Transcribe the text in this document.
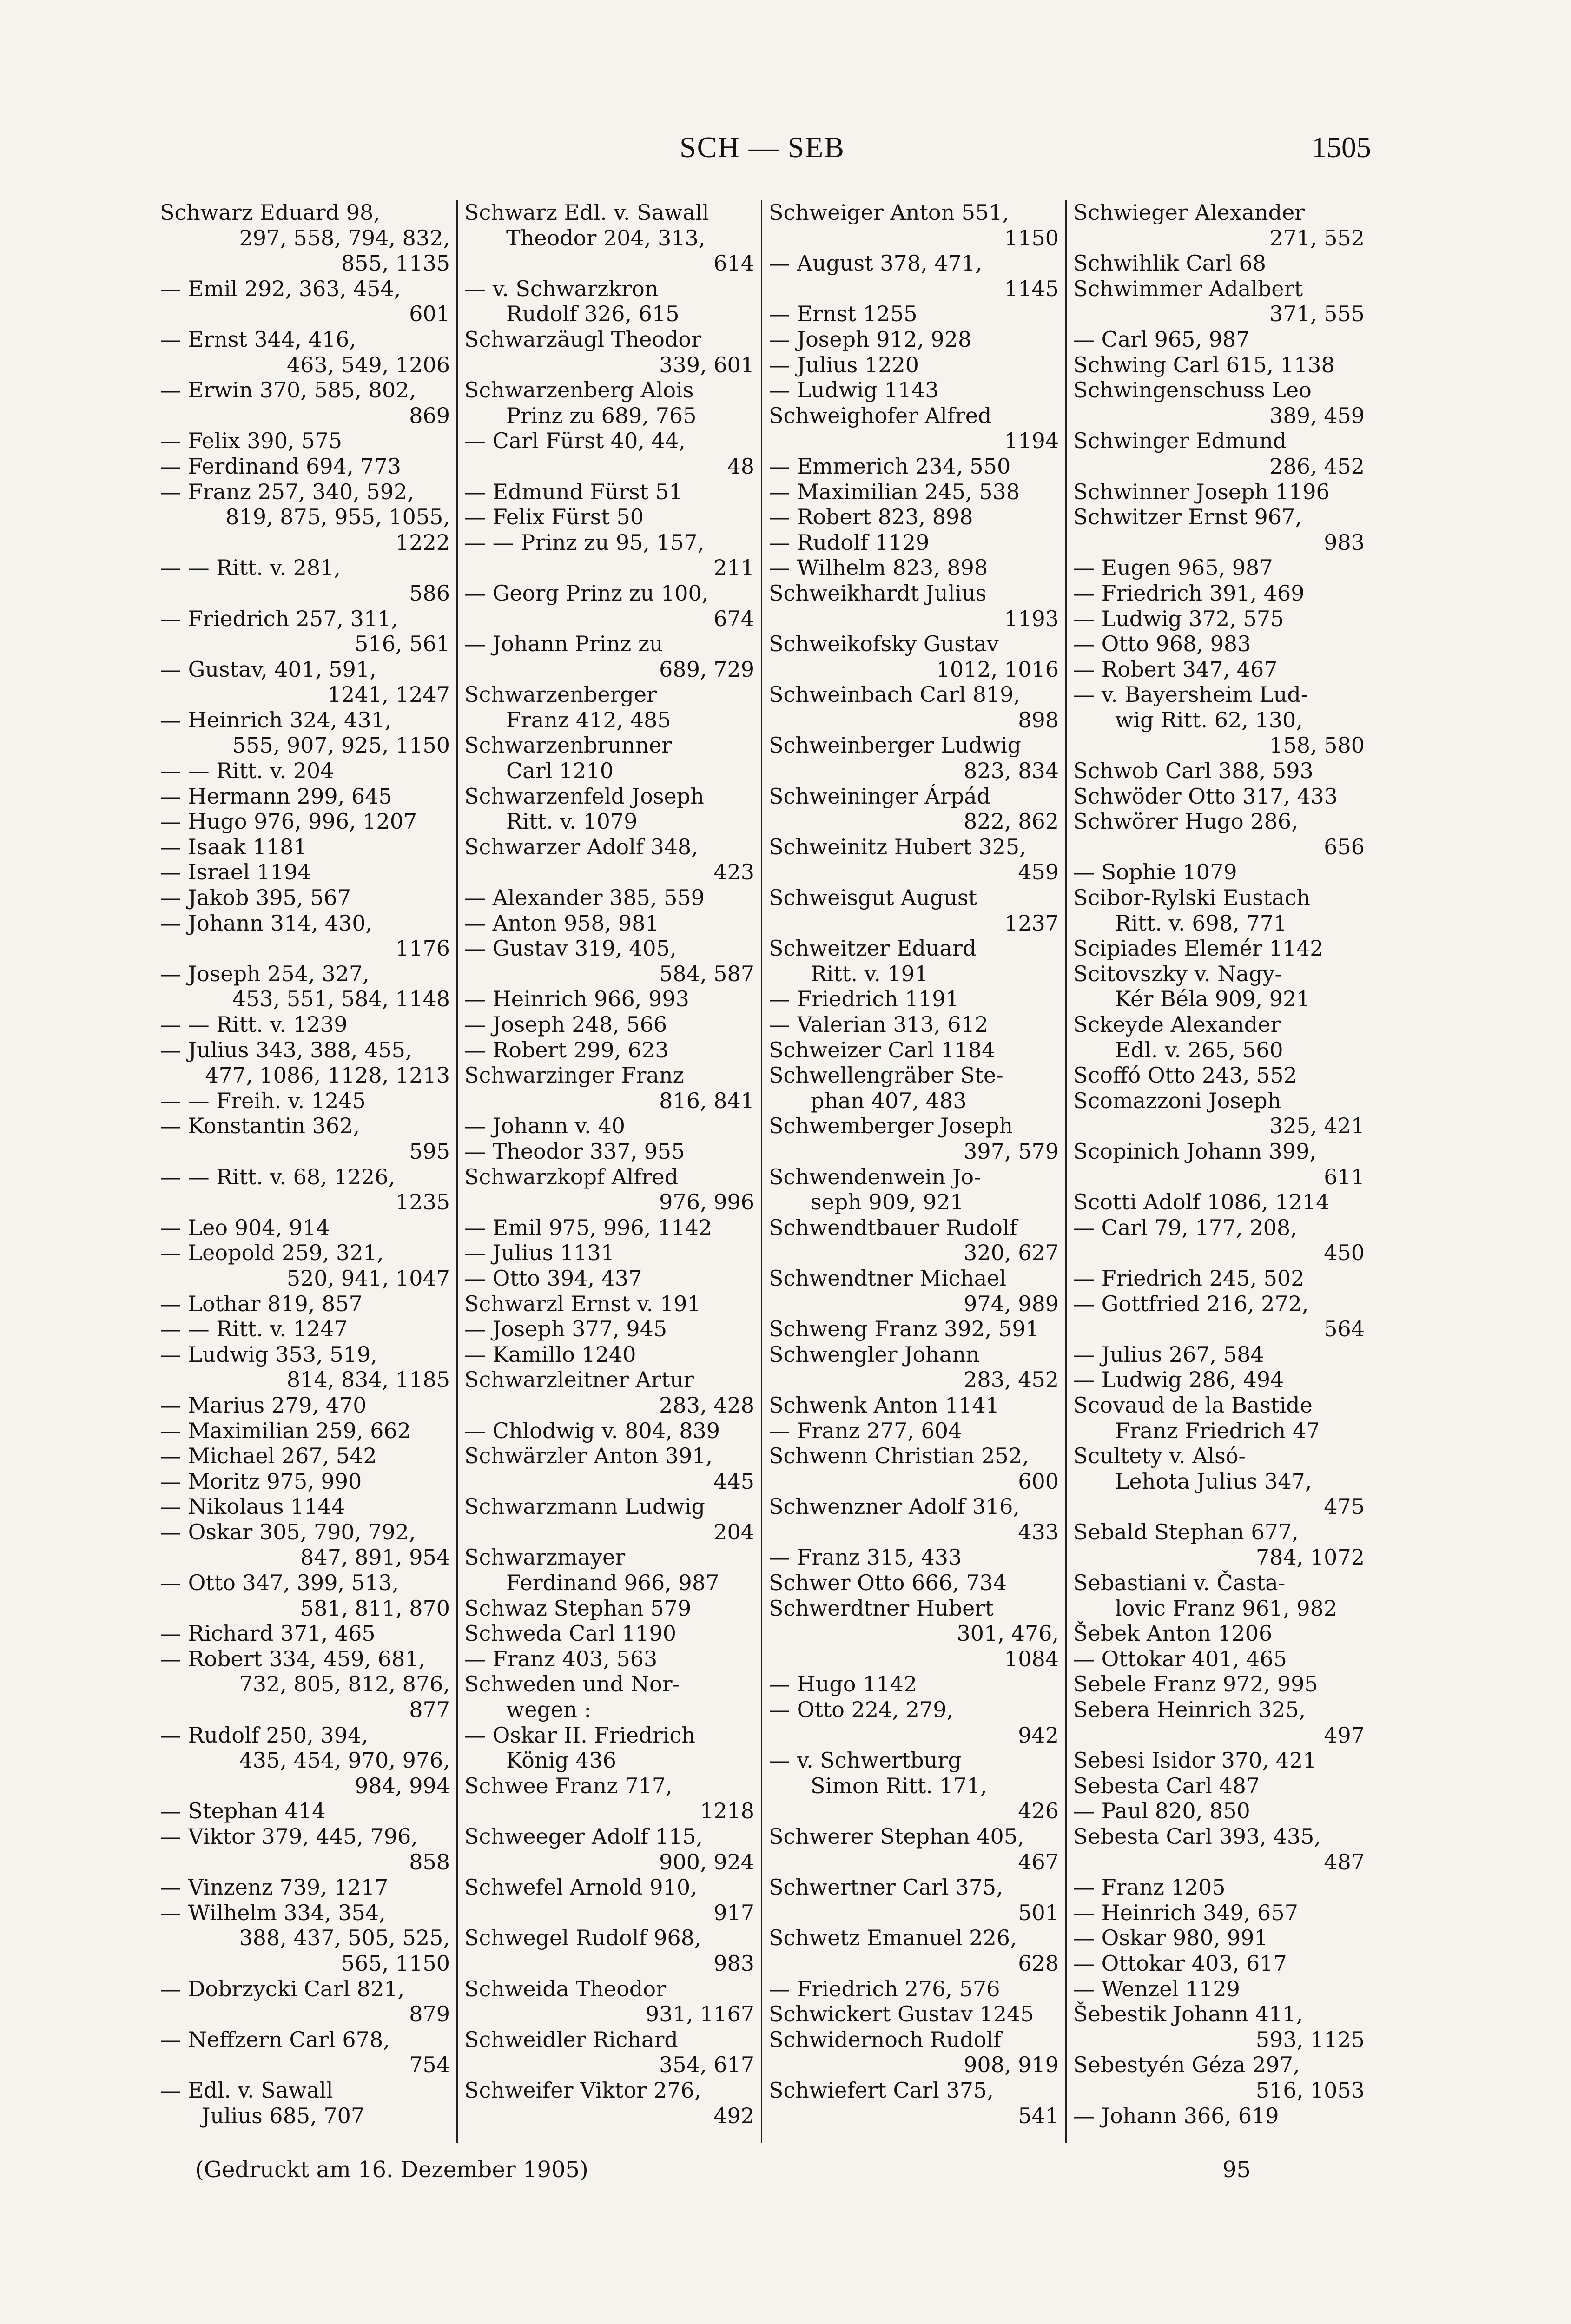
SCH — SEB	1505
Schwarz Eduard 98,
297, 558, 794, 832,
855, 1135
— Emil 292, 363, 454,
601
— Ernst 344, 416,
463, 549, 1206
— Erwin 370, 585, 802,
869
— Felix 390, 575
— Ferdinand 694, 773
— Franz 257, 340, 592,
819, 875, 955, 1055,
1222
— — Ritt. v. 281,
586
— Friedrich 257, 311,
516, 561
— Gustav, 401, 591,
1241, 1247
— Heinrich 324, 431,
555, 907, 925, 1150
— — Ritt. v. 204
— Hermann 299, 645
— Hugo 976, 996, 1207
— Isaak 1181
— Israel 1194
— Jakob 395, 567
— Johann 314, 430,
1176
— Joseph 254, 327,
453, 551, 584, 1148
— — Ritt. v. 1239
— Julius 343, 388, 455,
477, 1086, 1128, 1213
— — Freih. v. 1245
— Konstantin 362,
595
— — Ritt. v. 68, 1226,
1235
— Leo 904, 914
— Leopold 259, 321,
520, 941, 1047
— Lothar 819, 857
— — Ritt. v. 1247
— Ludwig 353, 519,
814, 834, 1185
— Marius 279, 470
— Maximilian 259, 662
— Michael 267, 542
— Moritz 975, 990
— Nikolaus 1144
— Oskar 305, 790, 792,
847, 891, 954
— Otto 347, 399, 513,
581, 811, 870
— Richard 371, 465
— Robert 334, 459, 681,
732, 805, 812, 876,
877
— Rudolf 250, 394,
435, 454, 970, 976,
984, 994
— Stephan 414
— Viktor 379, 445, 796,
858
— Vinzenz 739, 1217
— Wilhelm 334, 354,
388, 437, 505, 525,
565, 1150
— Dobrzycki Carl 821,
879
— Neffzern Carl 678,
754
— Edl. v. Sawall
Julius 685, 707
Schwarz Edl. v. Sawall
Theodor 204, 313,
614
— v. Schwarzkron
Rudolf 326, 615
Schwarzäugl Theodor
339, 601
Schwarzenberg Alois
Prinz zu 689, 765
— Carl Fürst 40, 44,
48
— Edmund Fürst 51
— Felix Fürst 50
— — Prinz zu 95, 157,
211
— Georg Prinz zu 100,
674
— Johann Prinz zu
689, 729
Schwarzenberger
Franz 412, 485
Schwarzenbrunner
Carl 1210
Schwarzenfeld Joseph
Ritt. v. 1079
Schwarzer Adolf 348,
423
— Alexander 385, 559
— Anton 958, 981
— Gustav 319, 405,
584, 587
— Heinrich 966, 993
— Joseph 248, 566
— Robert 299, 623
Schwarzinger Franz
816, 841
— Johann v. 40
— Theodor 337, 955
Schwarzkopf Alfred
976, 996
— Emil 975, 996, 1142
— Julius 1131
— Otto 394, 437
Schwarzl Ernst v. 191
— Joseph 377, 945
— Kamillo 1240
Schwarzleitner Artur
283, 428
— Chlodwig v. 804, 839
Schwärzler Anton 391,
445
Schwarzmann Ludwig
204
Schwarzmayer
Ferdinand 966, 987
Schwaz Stephan 579
Schweda Carl 1190
— Franz 403, 563
Schweden und Nor-
wegen :
— Oskar II. Friedrich
König 436
Schwee Franz 717,
1218
Schweeger Adolf 115,
900, 924
Schwefel Arnold 910,
917
Schwegel Rudolf 968,
983
Schweida Theodor
931, 1167
Schweidler Richard
354, 617
Schweifer Viktor 276,
492
Schweiger Anton 551,
1150
— August 378, 471,
1145
— Ernst 1255
— Joseph 912, 928
— Julius 1220
— Ludwig 1143
Schweighofer Alfred
1194
— Emmerich 234, 550
— Maximilian 245, 538
— Robert 823, 898
— Rudolf 1129
— Wilhelm 823, 898
Schweikhardt Julius
1193
Schweikofsky Gustav
1012, 1016
Schweinbach Carl 819,
898
Schweinberger Ludwig
823, 834
Schweininger Árpád
822, 862
Schweinitz Hubert 325,
459
Schweisgut August
1237
Schweitzer Eduard
Ritt. v. 191
— Friedrich 1191
— Valerian 313, 612
Schweizer Carl 1184
Schwellengräber Ste-
phan 407, 483
Schwemberger Joseph
397, 579
Schwendenwein Jo-
seph 909, 921
Schwendtbauer Rudolf
320, 627
Schwendtner Michael
974, 989
Schweng Franz 392, 591
Schwengler Johann
283, 452
Schwenk Anton 1141
— Franz 277, 604
Schwenn Christian 252,
600
Schwenzner Adolf 316,
433
— Franz 315, 433
Schwer Otto 666, 734
Schwerdtner Hubert
301, 476,
1084
— Hugo 1142
— Otto 224, 279,
942
— v. Schwertburg
Simon Ritt. 171,
426
Schwerer Stephan 405,
467
Schwertner Carl 375,
501
Schwetz Emanuel 226,
628
— Friedrich 276, 576
Schwickert Gustav 1245
Schwidernoch Rudolf
908, 919
Schwiefert Carl 375,
541
Schwieger Alexander
271, 552
Schwihlik Carl 68
Schwimmer Adalbert
371, 555
— Carl 965, 987
Schwing Carl 615, 1138
Schwingenschuss Leo
389, 459
Schwinger Edmund
286, 452
Schwinner Joseph 1196
Schwitzer Ernst 967,
983
— Eugen 965, 987
— Friedrich 391, 469
— Ludwig 372, 575
— Otto 968, 983
— Robert 347, 467
— v. Bayersheim Lud-
wig Ritt. 62, 130,
158, 580
Schwob Carl 388, 593
Schwöder Otto 317, 433
Schwörer Hugo 286,
656
— Sophie 1079
Scibor-Rylski Eustach
Ritt. v. 698, 771
Scipiades Elemér 1142
Scitovszky v. Nagy-
Kér Béla 909, 921
Sckeyde Alexander
Edl. v. 265, 560
Scoffó Otto 243, 552
Scomazzoni Joseph
325, 421
Scopinich Johann 399,
611
Scotti Adolf 1086, 1214
— Carl 79, 177, 208,
450
— Friedrich 245, 502
— Gottfried 216, 272,
564
— Julius 267, 584
— Ludwig 286, 494
Scovaud de la Bastide
Franz Friedrich 47
Scultety v. Alsó-
Lehota Julius 347,
475
Sebald Stephan 677,
784, 1072
Sebastiani v. Časta-
lovic Franz 961, 982
Šebek Anton 1206
— Ottokar 401, 465
Sebele Franz 972, 995
Sebera Heinrich 325,
497
Sebesi Isidor 370, 421
Sebesta Carl 487
— Paul 820, 850
Sebesta Carl 393, 435,
487
— Franz 1205
— Heinrich 349, 657
— Oskar 980, 991
— Ottokar 403, 617
— Wenzel 1129
Šebestik Johann 411,
593, 1125
Sebestyén Géza 297,
516, 1053
— Johann 366, 619
(Gedruckt am 16. Dezember 1905)	95
